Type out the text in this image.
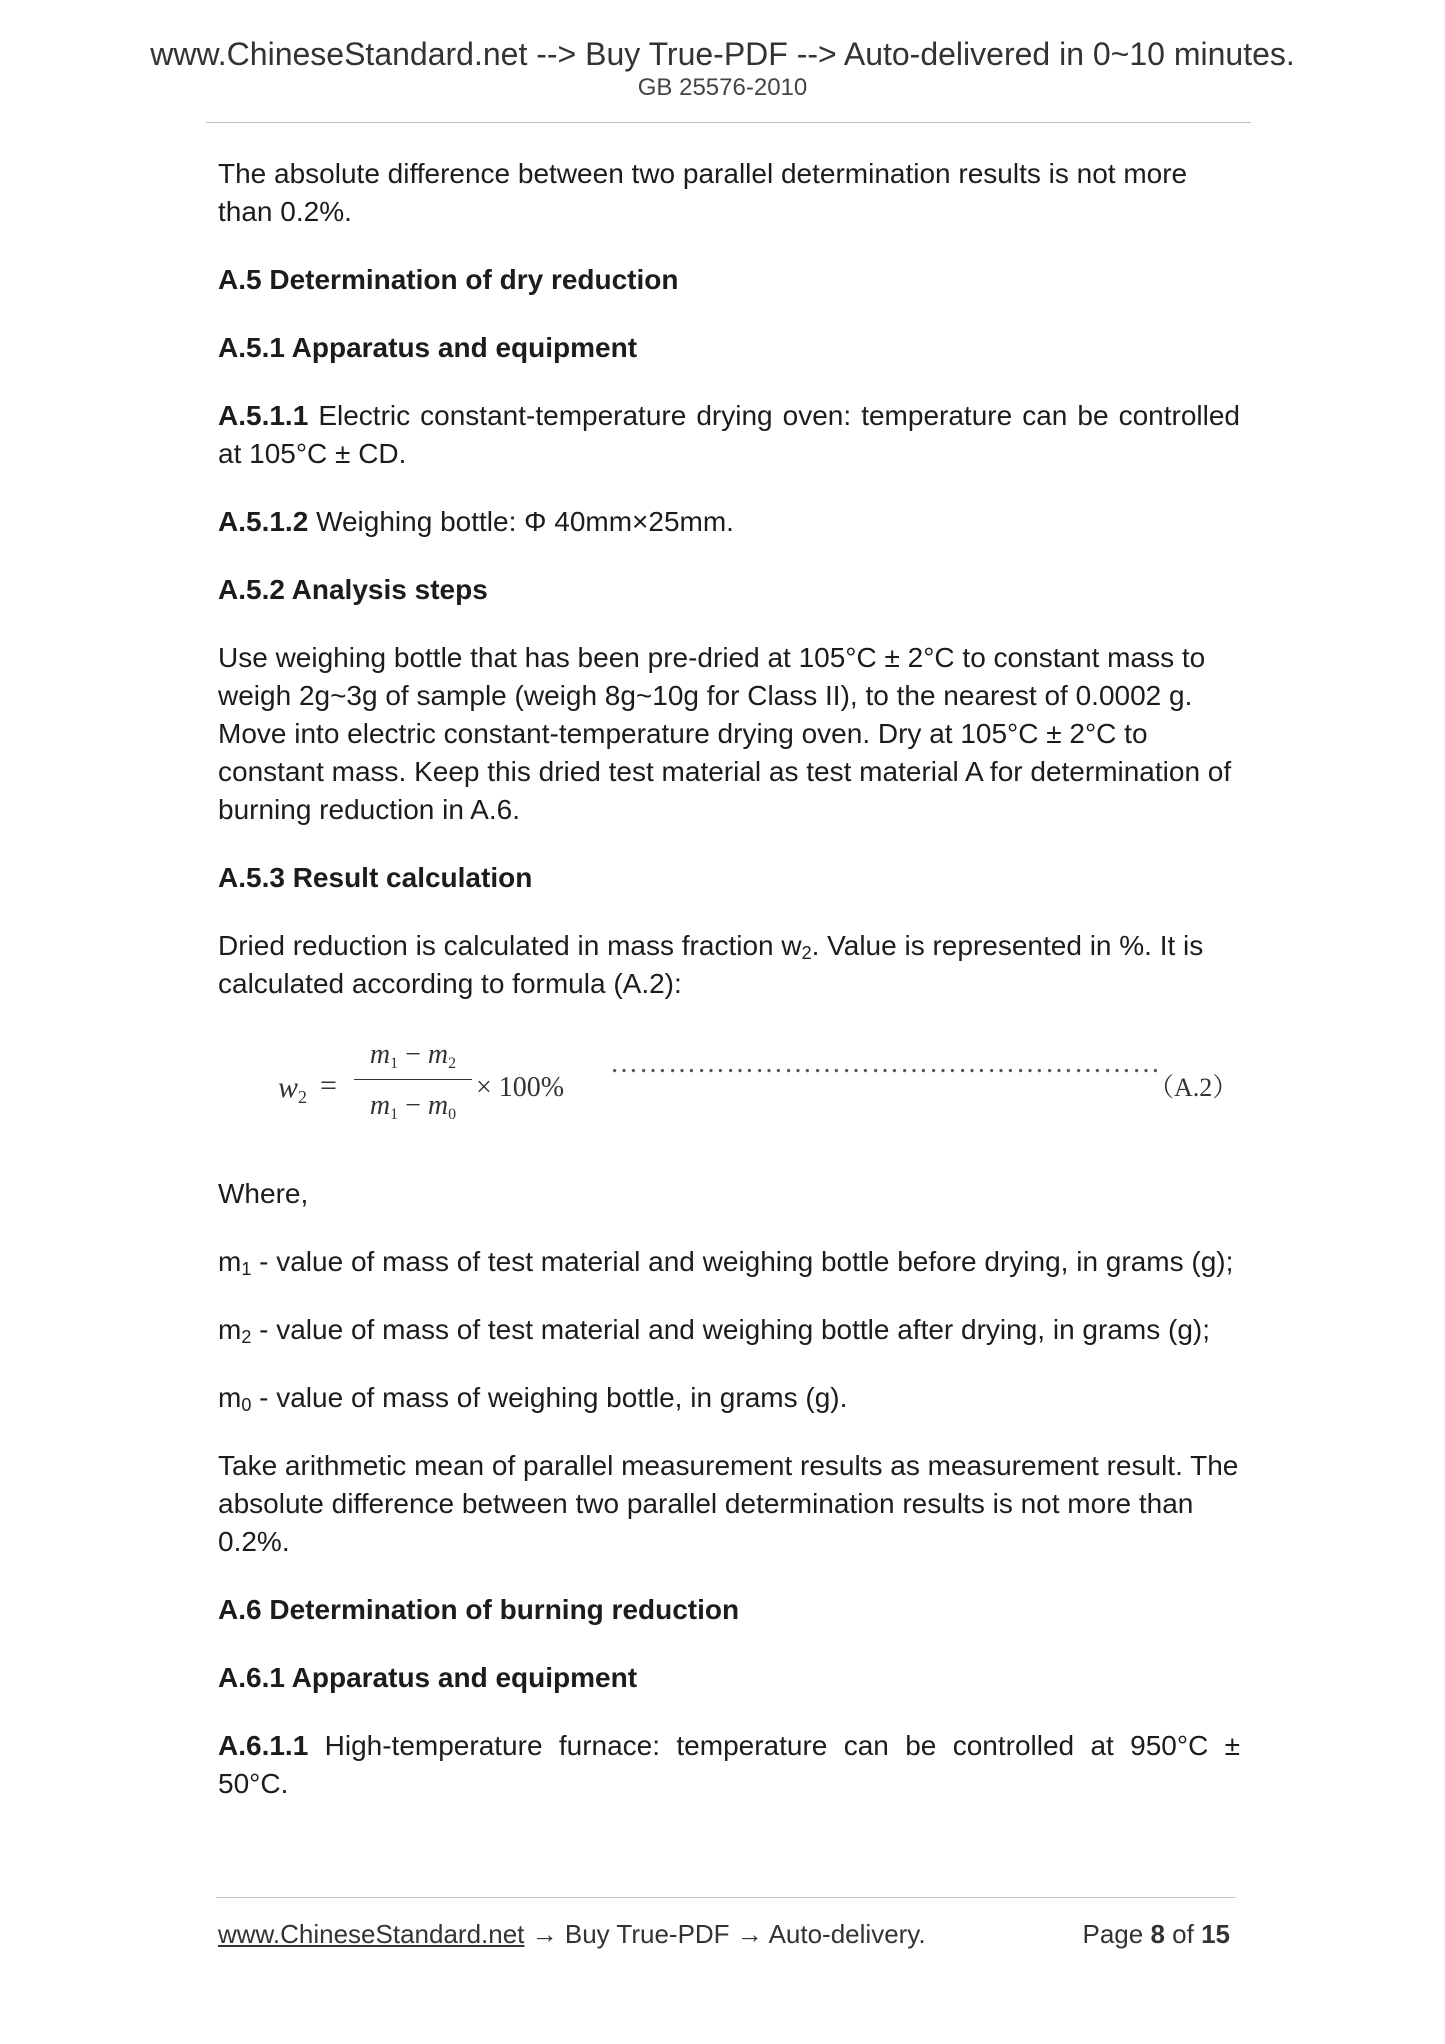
www.ChineseStandard.net --> Buy True-PDF --> Auto-delivered in 0~10 minutes.
GB 25576-2010

The absolute difference between two parallel determination results is not more than 0.2%.

A.5 Determination of dry reduction
A.5.1 Apparatus and equipment

A.5.1.1 Electric constant-temperature drying oven: temperature can be controlled at 105°C ± CD.

A.5.1.2 Weighing bottle: Φ 40mm×25mm.

A.5.2 Analysis steps

Use weighing bottle that has been pre-dried at 105°C ± 2°C to constant mass to weigh 2g~3g of sample (weigh 8g~10g for Class II), to the nearest of 0.0002 g. Move into electric constant-temperature drying oven. Dry at 105°C ± 2°C to constant mass. Keep this dried test material as test material A for determination of burning reduction in A.6.

A.5.3 Result calculation

Dried reduction is calculated in mass fraction $w_2$. Value is represented in %. It is calculated according to formula (A.2):

$w_2$ =
m1 − m2
m1 − m0
× 100%
…………………………………………………
（A.2）

Where,

$m_1$ - value of mass of test material and weighing bottle before drying, in grams (g);

$m_2$ - value of mass of test material and weighing bottle after drying, in grams (g);

$m_0$ - value of mass of weighing bottle, in grams (g).

Take arithmetic mean of parallel measurement results as measurement result. The absolute difference between two parallel determination results is not more than 0.2%.

A.6 Determination of burning reduction
A.6.1 Apparatus and equipment

A.6.1.1 High-temperature furnace: temperature can be controlled at 950°C ± 50°C.

www.ChineseStandard.net → Buy True-PDF → Auto-delivery.	Page 8 of 15
